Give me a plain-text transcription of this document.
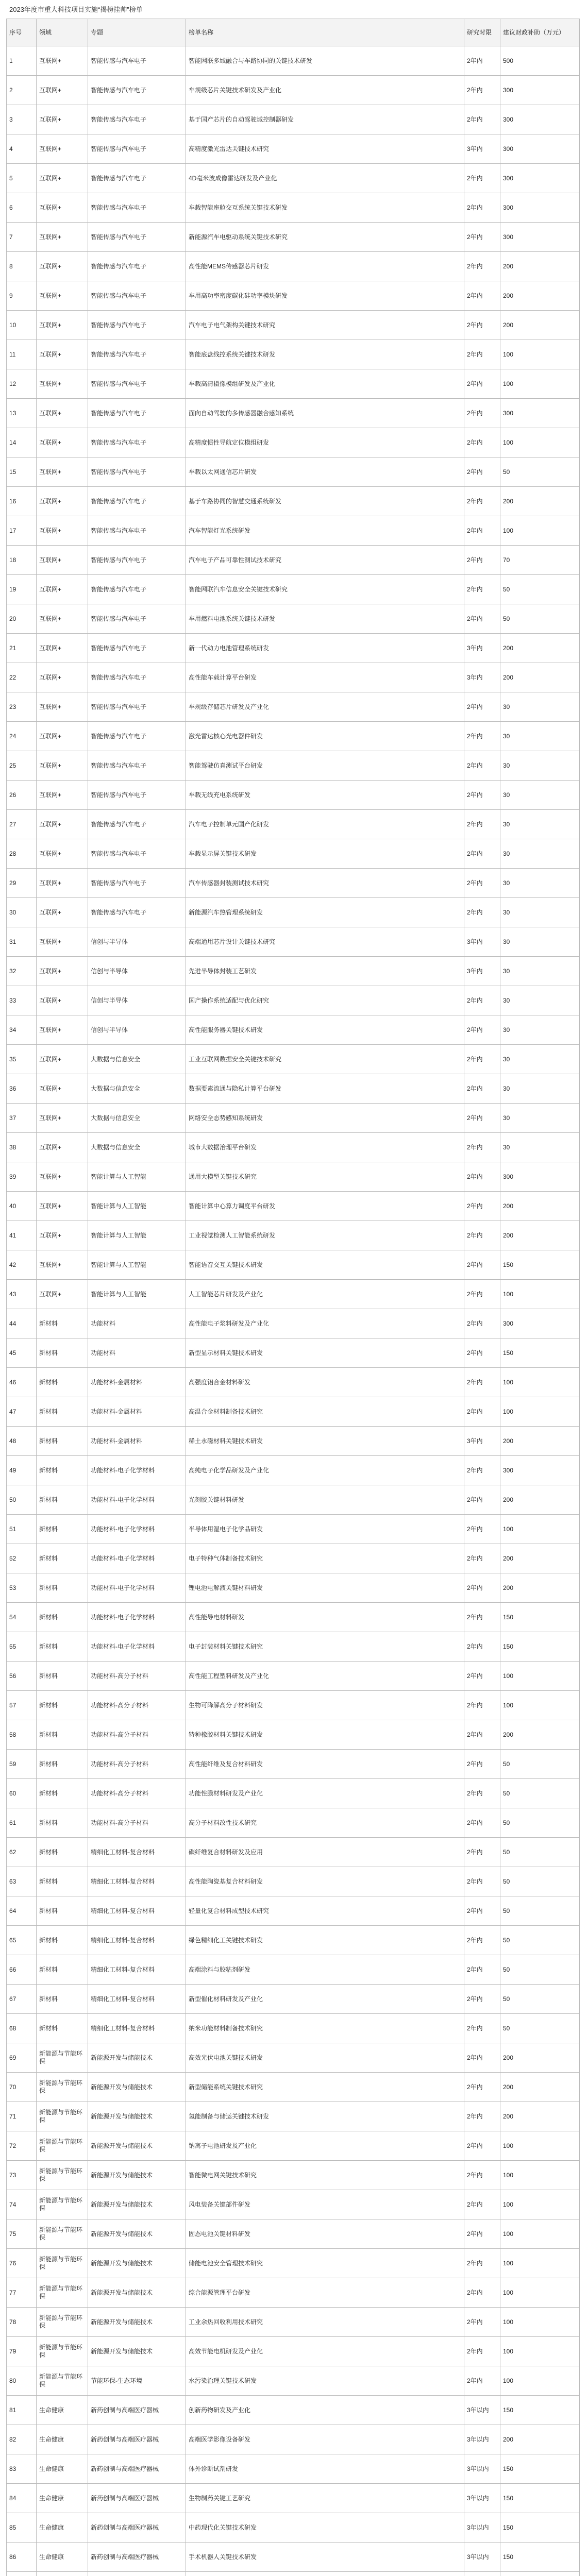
2023年度市重大科技项目实施“揭榜挂帅”榜单
序号	领域	专题	榜单名称	研究时限	建议财政补助（万元）
1	互联网+	智能传感与汽车电子	智能网联多域融合与车路协同的关键技术研发	2年内	500
2	互联网+	智能传感与汽车电子	车规级芯片关键技术研发及产业化	2年内	300
3	互联网+	智能传感与汽车电子	基于国产芯片的自动驾驶域控制器研发	2年内	300
4	互联网+	智能传感与汽车电子	高精度激光雷达关键技术研究	3年内	300
5	互联网+	智能传感与汽车电子	4D毫米波成像雷达研发及产业化	2年内	300
6	互联网+	智能传感与汽车电子	车载智能座舱交互系统关键技术研发	2年内	300
7	互联网+	智能传感与汽车电子	新能源汽车电驱动系统关键技术研究	2年内	300
8	互联网+	智能传感与汽车电子	高性能MEMS传感器芯片研发	2年内	200
9	互联网+	智能传感与汽车电子	车用高功率密度碳化硅功率模块研发	2年内	200
10	互联网+	智能传感与汽车电子	汽车电子电气架构关键技术研究	2年内	200
11	互联网+	智能传感与汽车电子	智能底盘线控系统关键技术研发	2年内	100
12	互联网+	智能传感与汽车电子	车载高清摄像模组研发及产业化	2年内	100
13	互联网+	智能传感与汽车电子	面向自动驾驶的多传感器融合感知系统	2年内	300
14	互联网+	智能传感与汽车电子	高精度惯性导航定位模组研发	2年内	100
15	互联网+	智能传感与汽车电子	车载以太网通信芯片研发	2年内	50
16	互联网+	智能传感与汽车电子	基于车路协同的智慧交通系统研发	2年内	200
17	互联网+	智能传感与汽车电子	汽车智能灯光系统研发	2年内	100
18	互联网+	智能传感与汽车电子	汽车电子产品可靠性测试技术研究	2年内	70
19	互联网+	智能传感与汽车电子	智能网联汽车信息安全关键技术研究	2年内	50
20	互联网+	智能传感与汽车电子	车用燃料电池系统关键技术研发	2年内	50
21	互联网+	智能传感与汽车电子	新一代动力电池管理系统研发	3年内	200
22	互联网+	智能传感与汽车电子	高性能车载计算平台研发	3年内	200
23	互联网+	智能传感与汽车电子	车规级存储芯片研发及产业化	2年内	30
24	互联网+	智能传感与汽车电子	激光雷达核心光电器件研发	2年内	30
25	互联网+	智能传感与汽车电子	智能驾驶仿真测试平台研发	2年内	30
26	互联网+	智能传感与汽车电子	车载无线充电系统研发	2年内	30
27	互联网+	智能传感与汽车电子	汽车电子控制单元国产化研发	2年内	30
28	互联网+	智能传感与汽车电子	车载显示屏关键技术研发	2年内	30
29	互联网+	智能传感与汽车电子	汽车传感器封装测试技术研究	2年内	30
30	互联网+	智能传感与汽车电子	新能源汽车热管理系统研发	2年内	30
31	互联网+	信创与半导体	高端通用芯片设计关键技术研究	3年内	30
32	互联网+	信创与半导体	先进半导体封装工艺研发	3年内	30
33	互联网+	信创与半导体	国产操作系统适配与优化研究	2年内	30
34	互联网+	信创与半导体	高性能服务器关键技术研发	2年内	30
35	互联网+	大数据与信息安全	工业互联网数据安全关键技术研究	2年内	30
36	互联网+	大数据与信息安全	数据要素流通与隐私计算平台研发	2年内	30
37	互联网+	大数据与信息安全	网络安全态势感知系统研发	2年内	30
38	互联网+	大数据与信息安全	城市大数据治理平台研发	2年内	30
39	互联网+	智能计算与人工智能	通用大模型关键技术研究	2年内	300
40	互联网+	智能计算与人工智能	智能计算中心算力调度平台研发	2年内	200
41	互联网+	智能计算与人工智能	工业视觉检测人工智能系统研发	2年内	200
42	互联网+	智能计算与人工智能	智能语音交互关键技术研发	2年内	150
43	互联网+	智能计算与人工智能	人工智能芯片研发及产业化	2年内	100
44	新材料	功能材料	高性能电子浆料研发及产业化	2年内	300
45	新材料	功能材料	新型显示材料关键技术研发	2年内	150
46	新材料	功能材料-金属材料	高强度铝合金材料研发	2年内	100
47	新材料	功能材料-金属材料	高温合金材料制备技术研究	2年内	100
48	新材料	功能材料-金属材料	稀土永磁材料关键技术研发	3年内	200
49	新材料	功能材料-电子化学材料	高纯电子化学品研发及产业化	2年内	300
50	新材料	功能材料-电子化学材料	光刻胶关键材料研发	2年内	200
51	新材料	功能材料-电子化学材料	半导体用湿电子化学品研发	2年内	100
52	新材料	功能材料-电子化学材料	电子特种气体制备技术研究	2年内	200
53	新材料	功能材料-电子化学材料	锂电池电解液关键材料研发	2年内	200
54	新材料	功能材料-电子化学材料	高性能导电材料研发	2年内	150
55	新材料	功能材料-电子化学材料	电子封装材料关键技术研究	2年内	150
56	新材料	功能材料-高分子材料	高性能工程塑料研发及产业化	2年内	100
57	新材料	功能材料-高分子材料	生物可降解高分子材料研发	2年内	100
58	新材料	功能材料-高分子材料	特种橡胶材料关键技术研发	2年内	200
59	新材料	功能材料-高分子材料	高性能纤维及复合材料研发	2年内	50
60	新材料	功能材料-高分子材料	功能性膜材料研发及产业化	2年内	50
61	新材料	功能材料-高分子材料	高分子材料改性技术研究	2年内	50
62	新材料	精细化工材料-复合材料	碳纤维复合材料研发及应用	2年内	50
63	新材料	精细化工材料-复合材料	高性能陶瓷基复合材料研发	2年内	50
64	新材料	精细化工材料-复合材料	轻量化复合材料成型技术研究	2年内	50
65	新材料	精细化工材料-复合材料	绿色精细化工关键技术研发	2年内	50
66	新材料	精细化工材料-复合材料	高端涂料与胶粘剂研发	2年内	50
67	新材料	精细化工材料-复合材料	新型催化材料研发及产业化	2年内	50
68	新材料	精细化工材料-复合材料	纳米功能材料制备技术研究	2年内	50
69	新能源与节能环保	新能源开发与储能技术	高效光伏电池关键技术研发	2年内	200
70	新能源与节能环保	新能源开发与储能技术	新型储能系统关键技术研究	2年内	200
71	新能源与节能环保	新能源开发与储能技术	氢能制备与储运关键技术研发	2年内	200
72	新能源与节能环保	新能源开发与储能技术	钠离子电池研发及产业化	2年内	100
73	新能源与节能环保	新能源开发与储能技术	智能微电网关键技术研究	2年内	100
74	新能源与节能环保	新能源开发与储能技术	风电装备关键部件研发	2年内	100
75	新能源与节能环保	新能源开发与储能技术	固态电池关键材料研发	2年内	100
76	新能源与节能环保	新能源开发与储能技术	储能电池安全管理技术研究	2年内	100
77	新能源与节能环保	新能源开发与储能技术	综合能源管理平台研发	2年内	100
78	新能源与节能环保	新能源开发与储能技术	工业余热回收利用技术研究	2年内	100
79	新能源与节能环保	新能源开发与储能技术	高效节能电机研发及产业化	2年内	100
80	新能源与节能环保	节能环保-生态环境	水污染治理关键技术研发	2年内	100
81	生命健康	新药创制与高端医疗器械	创新药物研发及产业化	3年以内	150
82	生命健康	新药创制与高端医疗器械	高端医学影像设备研发	3年以内	200
83	生命健康	新药创制与高端医疗器械	体外诊断试剂研发	3年以内	150
84	生命健康	新药创制与高端医疗器械	生物制药关键工艺研究	3年以内	150
85	生命健康	新药创制与高端医疗器械	中药现代化关键技术研发	3年以内	150
86	生命健康	新药创制与高端医疗器械	手术机器人关键技术研发	3年以内	150
